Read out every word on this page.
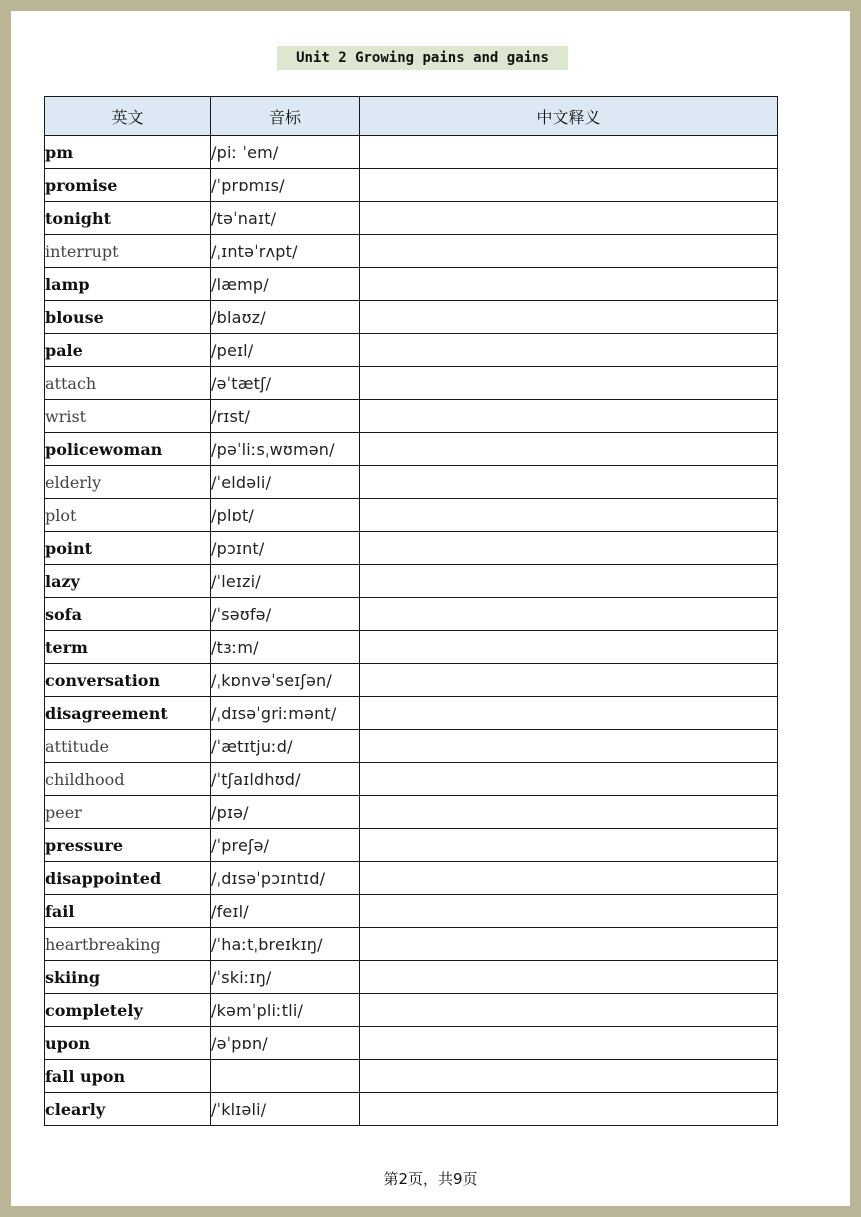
Unit 2 Growing pains and gains
英文	音标	中文释义
pm	/piː ˈem/	
promise	/ˈprɒmɪs/	
tonight	/təˈnaɪt/	
interrupt	/ˌɪntəˈrʌpt/	
lamp	/læmp/	
blouse	/blaʊz/	
pale	/peɪl/	
attach	/əˈtætʃ/	
wrist	/rɪst/	
policewoman	/pəˈliːsˌwʊmən/	
elderly	/ˈeldəli/	
plot	/plɒt/	
point	/pɔɪnt/	
lazy	/ˈleɪzi/	
sofa	/ˈsəʊfə/	
term	/tɜːm/	
conversation	/ˌkɒnvəˈseɪʃən/	
disagreement	/ˌdɪsəˈgriːmənt/	
attitude	/ˈætɪtjuːd/	
childhood	/ˈtʃaɪldhʊd/	
peer	/pɪə/	
pressure	/ˈpreʃə/	
disappointed	/ˌdɪsəˈpɔɪntɪd/	
fail	/feɪl/	
heartbreaking	/ˈhaːtˌbreɪkɪŋ/	
skiing	/ˈskiːɪŋ/	
completely	/kəmˈpliːtli/	
upon	/əˈpɒn/	
fall upon		
clearly	/ˈklɪəli/	
第2页，共9页
